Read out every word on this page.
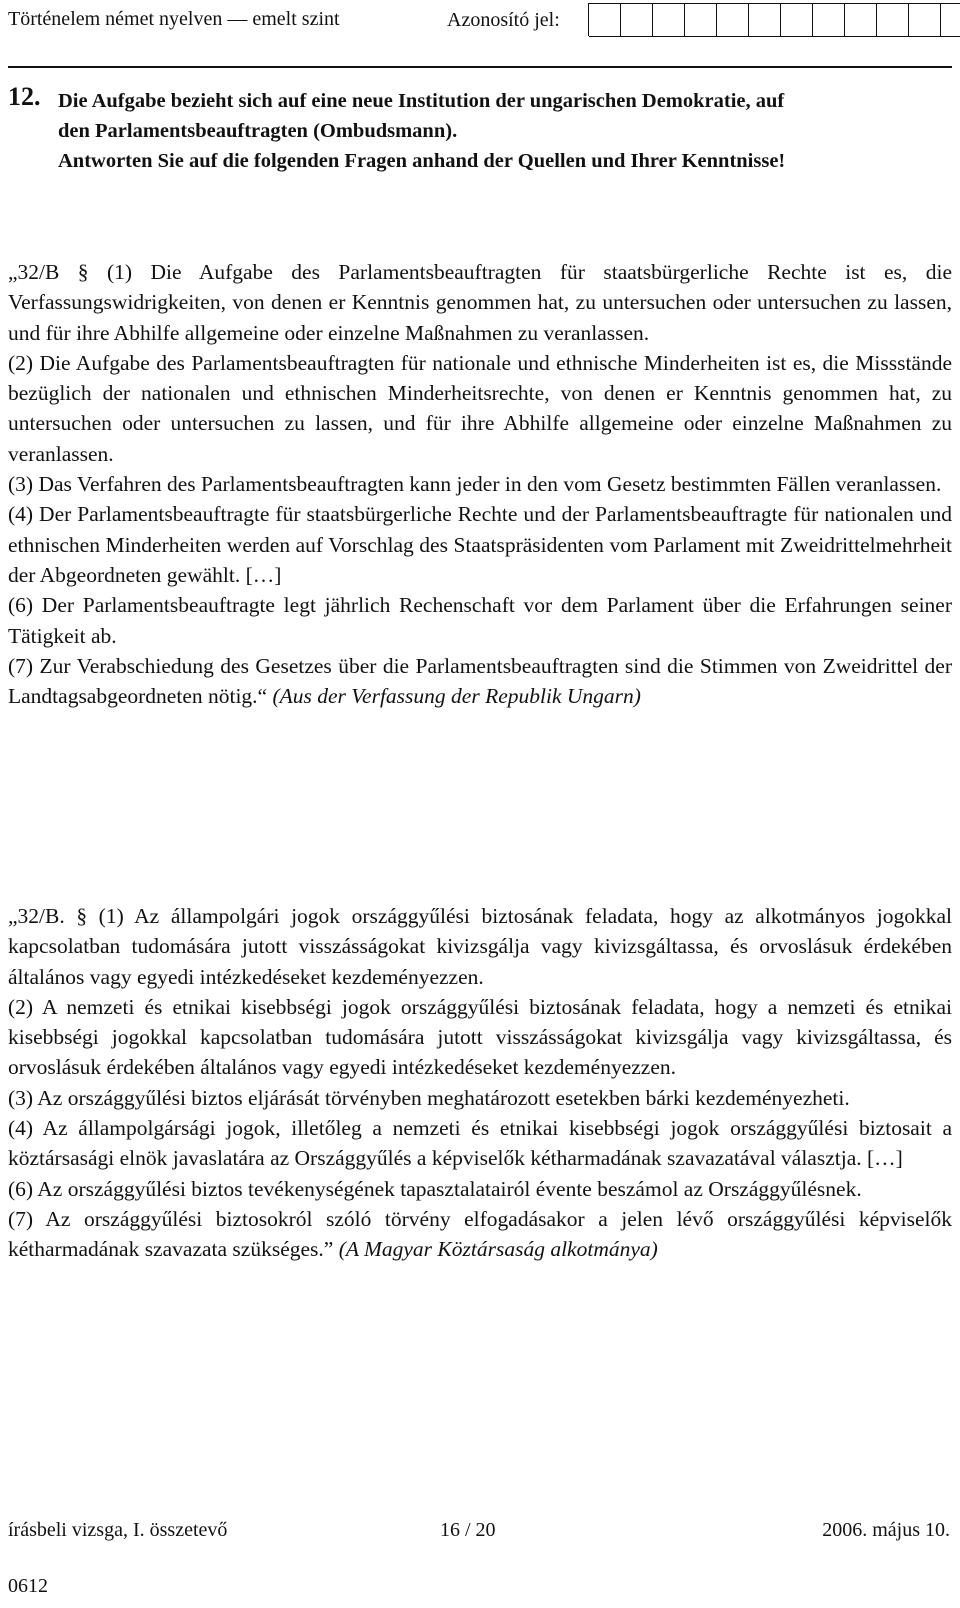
Történelem német nyelven — emelt szint	Azonosító jel:
12. Die Aufgabe bezieht sich auf eine neue Institution der ungarischen Demokratie, auf
den Parlamentsbeauftragten (Ombudsmann).
Antworten Sie auf die folgenden Fragen anhand der Quellen und Ihrer Kenntnisse!

„32/B § (1) Die Aufgabe des Parlamentsbeauftragten für staatsbürgerliche Rechte ist es, die Verfassungswidrigkeiten, von denen er Kenntnis genommen hat, zu untersuchen oder untersuchen zu lassen, und für ihre Abhilfe allgemeine oder einzelne Maßnahmen zu veranlassen.

(2) Die Aufgabe des Parlamentsbeauftragten für nationale und ethnische Minderheiten ist es, die Missstände bezüglich der nationalen und ethnischen Minderheitsrechte, von denen er Kenntnis genommen hat, zu untersuchen oder untersuchen zu lassen, und für ihre Abhilfe allgemeine oder einzelne Maßnahmen zu veranlassen.

(3) Das Verfahren des Parlamentsbeauftragten kann jeder in den vom Gesetz bestimmten Fällen veranlassen.

(4) Der Parlamentsbeauftragte für staatsbürgerliche Rechte und der Parlamentsbeauftragte für nationalen und ethnischen Minderheiten werden auf Vorschlag des Staatspräsidenten vom Parlament mit Zweidrittelmehrheit der Abgeordneten gewählt. […]

(6) Der Parlamentsbeauftragte legt jährlich Rechenschaft vor dem Parlament über die Erfahrungen seiner Tätigkeit ab.

(7) Zur Verabschiedung des Gesetzes über die Parlamentsbeauftragten sind die Stimmen von Zweidrittel der Landtagsabgeordneten nötig.“ (Aus der Verfassung der Republik Ungarn)

„32/B. § (1) Az állampolgári jogok országgyűlési biztosának feladata, hogy az alkotmányos jogokkal kapcsolatban tudomására jutott visszásságokat kivizsgálja vagy kivizsgáltassa, és orvoslásuk érdekében általános vagy egyedi intézkedéseket kezdeményezzen.

(2) A nemzeti és etnikai kisebbségi jogok országgyűlési biztosának feladata, hogy a nemzeti és etnikai kisebbségi jogokkal kapcsolatban tudomására jutott visszásságokat kivizsgálja vagy kivizsgáltassa, és orvoslásuk érdekében általános vagy egyedi intézkedéseket kezdeményezzen.

(3) Az országgyűlési biztos eljárását törvényben meghatározott esetekben bárki kezdeményezheti.

(4) Az állampolgársági jogok, illetőleg a nemzeti és etnikai kisebbségi jogok országgyűlési biztosait a köztársasági elnök javaslatára az Országgyűlés a képviselők kétharmadának szavazatával választja. […]

(6) Az országgyűlési biztos tevékenységének tapasztalatairól évente beszámol az Országgyűlésnek.

(7) Az országgyűlési biztosokról szóló törvény elfogadásakor a jelen lévő országgyűlési képviselők kétharmadának szavazata szükséges.” (A Magyar Köztársaság alkotmánya)

írásbeli vizsga, I. összetevő
0612
16 / 20	2006. május 10.
